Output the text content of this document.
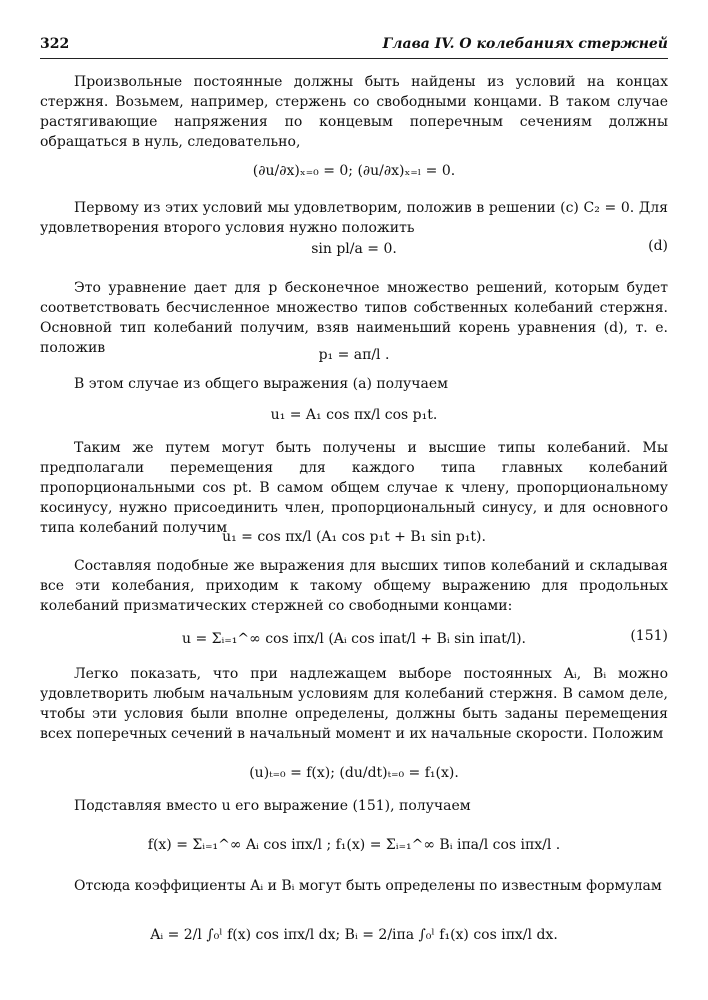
322	Глава IV. О колебаниях стержней
Произвольные постоянные должны быть найдены из условий на концах стержня. Возьмем, например, стержень со свободными концами. В таком случае растягивающие напряжения по концевым поперечным сечениям должны обращаться в нуль, следовательно,
(∂u/∂x)ₓ₌₀ = 0; (∂u/∂x)ₓ₌ₗ = 0.
Первому из этих условий мы удовлетворим, положив в решении (c) C₂ = 0. Для удовлетворения второго условия нужно положить
sin pl/a = 0.	(d)
Это уравнение дает для p бесконечное множество решений, которым будет соответствовать бесчисленное множество типов собственных колебаний стержня. Основной тип колебаний получим, взяв наименьший корень уравнения (d), т. е. положив	p₁ = aπ/l .
В этом случае из общего выражения (a) получаем
u₁ = A₁ cos πx/l cos p₁t.
Таким же путем могут быть получены и высшие типы колебаний. Мы предполагали перемещения для каждого типа главных колебаний пропорциональными cos pt. В самом общем случае к члену, пропорциональному косинусу, нужно присоединить член, пропорциональный синусу, и для основного типа колебаний получим
u₁ = cos πx/l (A₁ cos p₁t + B₁ sin p₁t).
Составляя подобные же выражения для высших типов колебаний и складывая все эти колебания, приходим к такому общему выражению для продольных колебаний призматических стержней со свободными концами:
u = Σᵢ₌₁^∞ cos iπx/l (Aᵢ cos iπat/l + Bᵢ sin iπat/l).	(151)
Легко показать, что при надлежащем выборе постоянных Aᵢ, Bᵢ можно удовлетворить любым начальным условиям для колебаний стержня. В самом деле, чтобы эти условия были вполне определены, должны быть заданы перемещения всех поперечных сечений в начальный момент и их начальные скорости. Положим
(u)ₜ₌₀ = f(x); (du/dt)ₜ₌₀ = f₁(x).
Подставляя вместо u его выражение (151), получаем
f(x) = Σᵢ₌₁^∞ Aᵢ cos iπx/l ; f₁(x) = Σᵢ₌₁^∞ Bᵢ iπa/l cos iπx/l .
Отсюда коэффициенты Aᵢ и Bᵢ могут быть определены по известным формулам
Aᵢ = 2/l ∫₀ˡ f(x) cos iπx/l dx; Bᵢ = 2/iπa ∫₀ˡ f₁(x) cos iπx/l dx.
